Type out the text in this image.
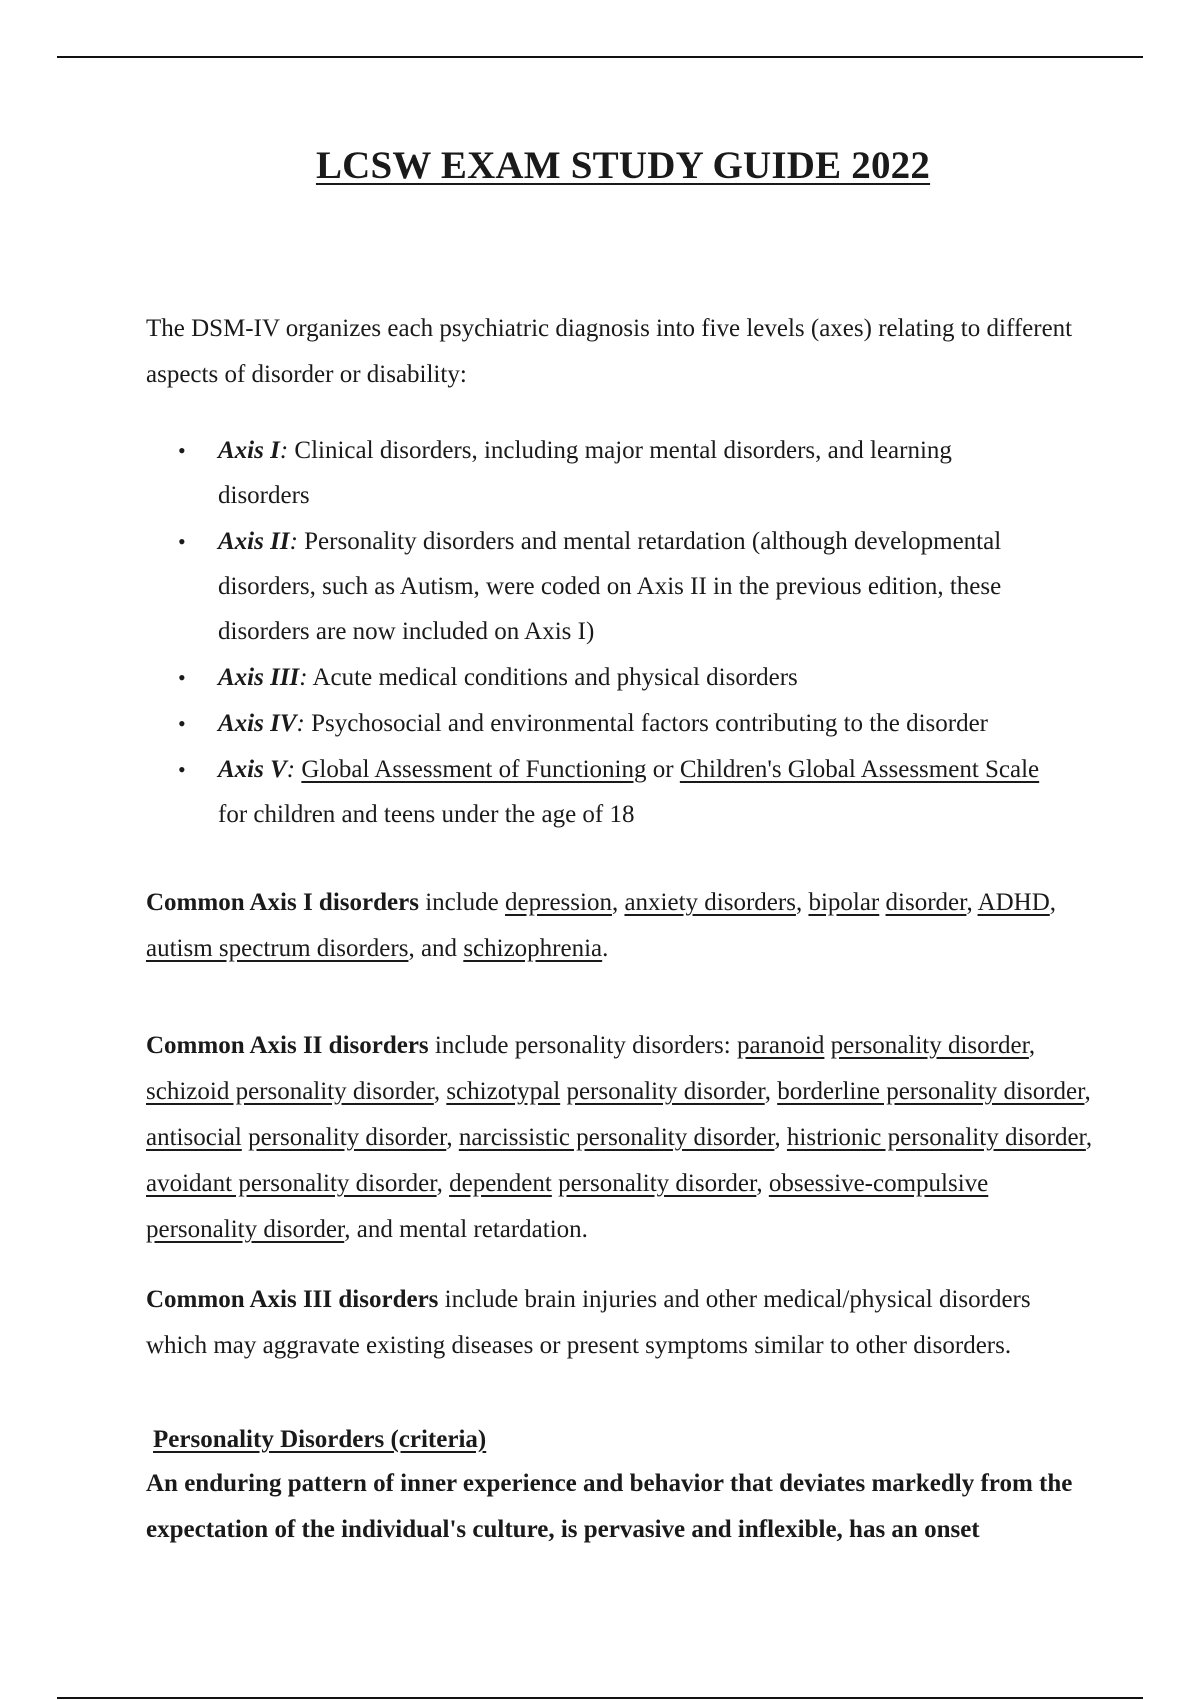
LCSW EXAM STUDY GUIDE 2022

The DSM-IV organizes each psychiatric diagnosis into five levels (axes) relating to different aspects of disorder or disability:

• Axis I: Clinical disorders, including major mental disorders, and learning disorders
• Axis II: Personality disorders and mental retardation (although developmental disorders, such as Autism, were coded on Axis II in the previous edition, these disorders are now included on Axis I)
• Axis III: Acute medical conditions and physical disorders
• Axis IV: Psychosocial and environmental factors contributing to the disorder
• Axis V: Global Assessment of Functioning or Children's Global Assessment Scale for children and teens under the age of 18

Common Axis I disorders include depression, anxiety disorders, bipolar disorder, ADHD, autism spectrum disorders, and schizophrenia.

Common Axis II disorders include personality disorders: paranoid personality disorder, schizoid personality disorder, schizotypal personality disorder, borderline personality disorder, antisocial personality disorder, narcissistic personality disorder, histrionic personality disorder, avoidant personality disorder, dependent personality disorder, obsessive-compulsive personality disorder, and mental retardation.

Common Axis III disorders include brain injuries and other medical/physical disorders which may aggravate existing diseases or present symptoms similar to other disorders.

Personality Disorders (criteria)

An enduring pattern of inner experience and behavior that deviates markedly from the expectation of the individual's culture, is pervasive and inflexible, has an onset
